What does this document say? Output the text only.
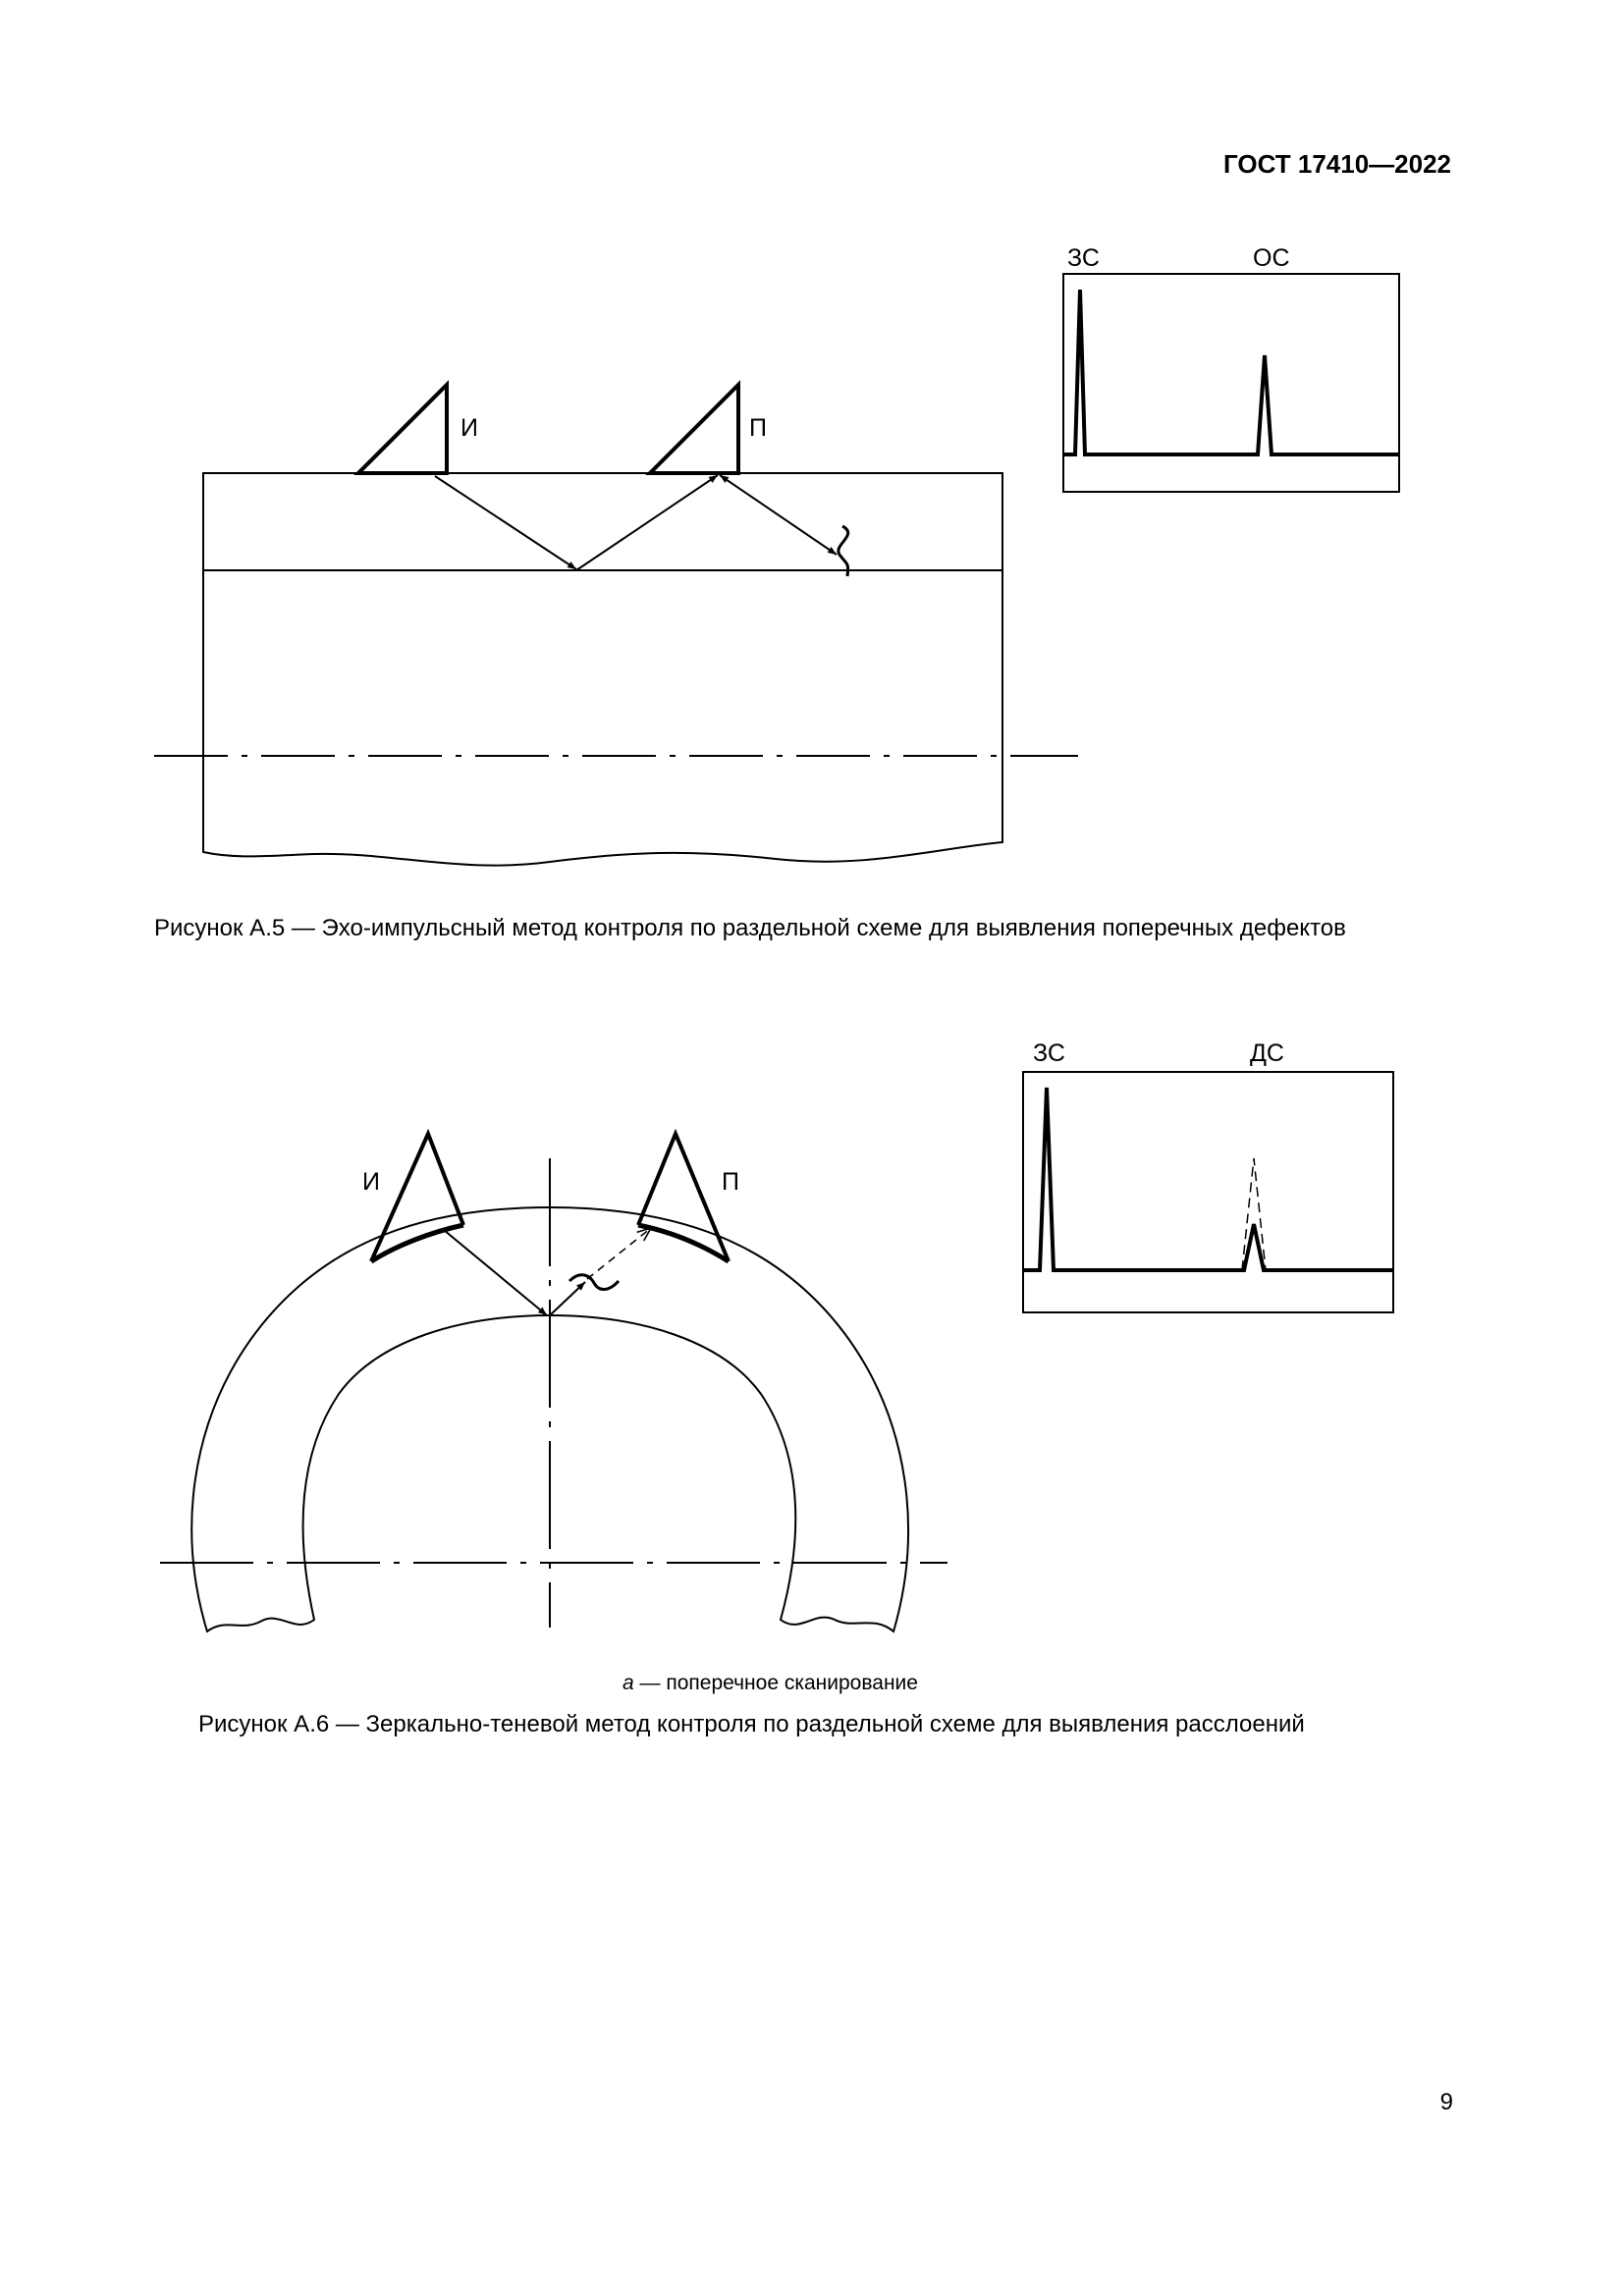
ГОСТ 17410—2022
И	П
ЗС	ОС
И	П
ЗС	ДС
Рисунок А.5 — Эхо-импульсный метод контроля по раздельной схеме для выявления поперечных дефектов
а — поперечное сканирование
Рисунок А.6 — Зеркально-теневой метод контроля по раздельной схеме для выявления расслоений
9
